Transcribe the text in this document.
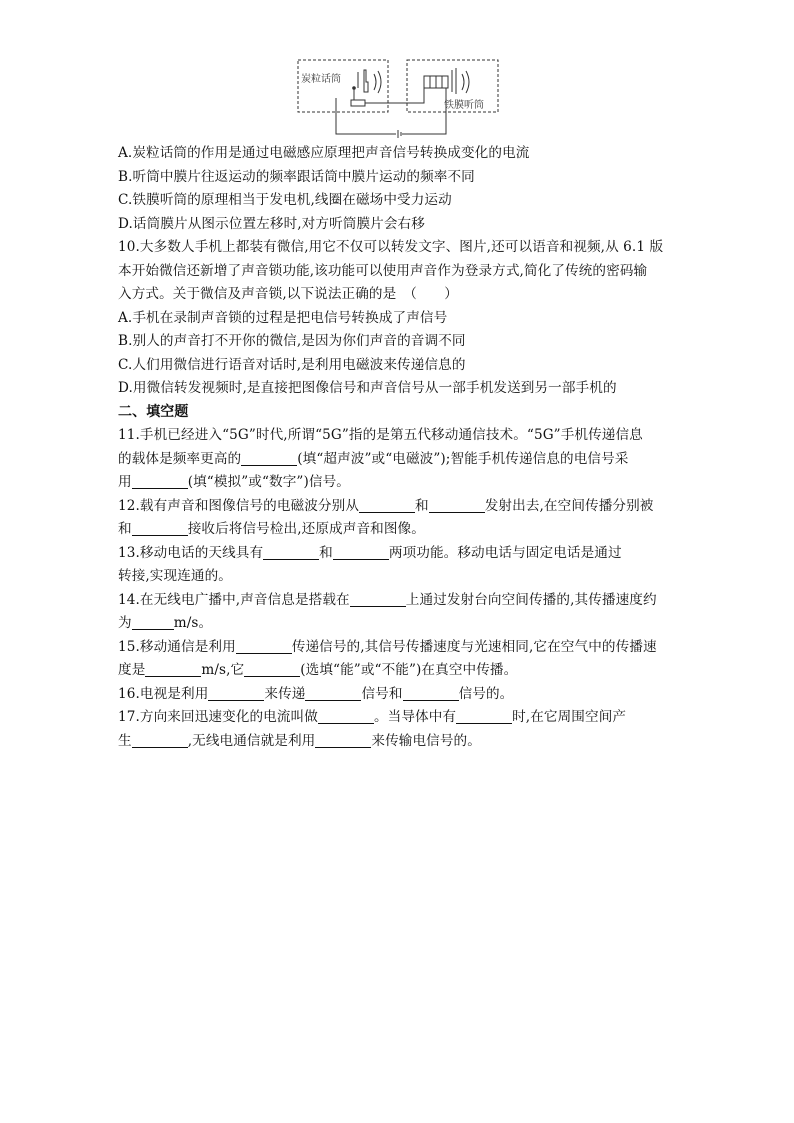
炭粒话筒
铁膜听筒
A.炭粒话筒的作用是通过电磁感应原理把声音信号转换成变化的电流
B.听筒中膜片往返运动的频率跟话筒中膜片运动的频率不同
C.铁膜听筒的原理相当于发电机,线圈在磁场中受力运动
D.话筒膜片从图示位置左移时,对方听筒膜片会右移
10.大多数人手机上都装有微信,用它不仅可以转发文字、图片,还可以语音和视频,从 6.1 版
本开始微信还新增了声音锁功能,该功能可以使用声音作为登录方式,简化了传统的密码输
入方式。关于微信及声音锁,以下说法正确的是　（　　）
A.手机在录制声音锁的过程是把电信号转换成了声信号
B.别人的声音打不开你的微信,是因为你们声音的音调不同
C.人们用微信进行语音对话时,是利用电磁波来传递信息的
D.用微信转发视频时,是直接把图像信号和声音信号从一部手机发送到另一部手机的
二、填空题
11.手机已经进入“5G”时代,所谓“5G”指的是第五代移动通信技术。“5G”手机传递信息
的载体是频率更高的	(填“超声波”或“电磁波”);智能手机传递信息的电信号采
用	(填“模拟”或“数字”)信号。
12.载有声音和图像信号的电磁波分别从	和	发射出去,在空间传播分别被
和	接收后将信号检出,还原成声音和图像。
13.移动电话的天线具有	和	两项功能。移动电话与固定电话是通过
转接,实现连通的。
14.在无线电广播中,声音信息是搭载在	上通过发射台向空间传播的,其传播速度约
为	m/s。
15.移动通信是利用	传递信号的,其信号传播速度与光速相同,它在空气中的传播速
度是	m/s,它	(选填“能”或“不能”)在真空中传播。
16.电视是利用	来传递	信号和	信号的。
17.方向来回迅速变化的电流叫做	。当导体中有	时,在它周围空间产
生	,无线电通信就是利用	来传输电信号的。
